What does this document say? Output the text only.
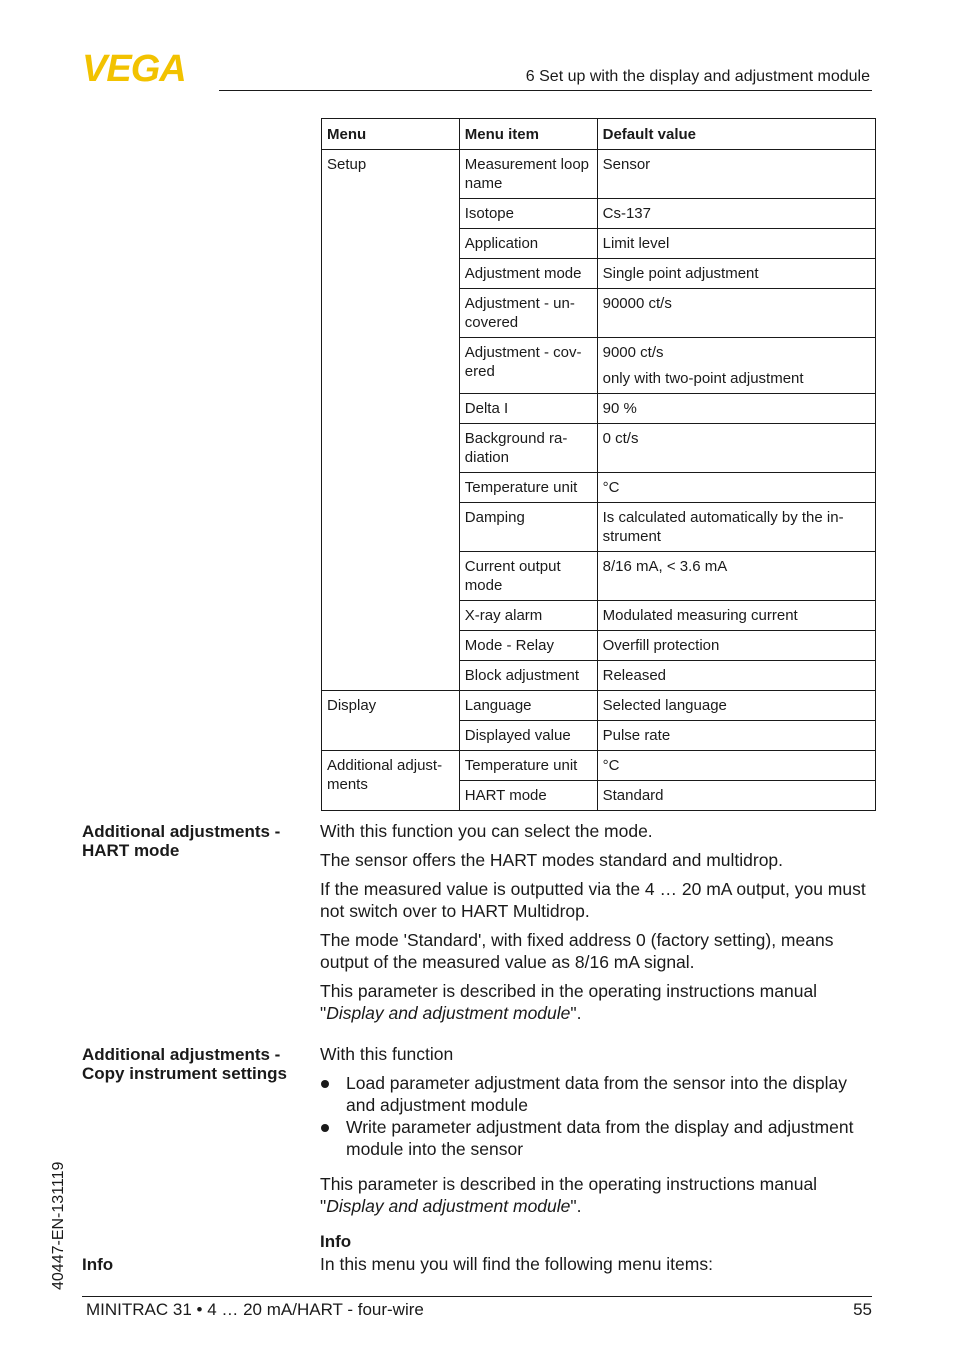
VEGA	6 Set up with the display and adjustment module
Menu	Menu item	Default value
Setup	Measurement loop name	Sensor
	Isotope	Cs-137
	Application	Limit level
	Adjustment mode	Single point adjustment
	Adjustment - un-covered	90000 ct/s
	Adjustment - cov-ered	9000 ct/s
only with two-point adjustment

	Delta I	90 %
	Background ra-diation	0 ct/s
	Temperature unit	°C
	Damping	Is calculated automatically by the in-strument
	Current output mode	8/16 mA, < 3.6 mA
	X-ray alarm	Modulated measuring current
	Mode - Relay	Overfill protection
	Block adjustment	Released
Display	Language	Selected language
	Displayed value	Pulse rate
Additional adjust-ments	Temperature unit	°C
	HART mode	Standard
Additional adjustments -
HART mode

With this function you can select the mode.

The sensor offers the HART modes standard and multidrop.

If the measured value is outputted via the 4 … 20 mA output, you must not switch over to HART Multidrop.

The mode 'Standard', with fixed address 0 (factory setting), means output of the measured value as 8/16 mA signal.

This parameter is described in the operating instructions manual "Display and adjustment module".

Additional adjustments -
Copy instrument settings

With this function

Load parameter adjustment data from the sensor into the display and adjustment module
Write parameter adjustment data from the display and adjustment module into the sensor

This parameter is described in the operating instructions manual "Display and adjustment module".

Info
Info
In this menu you will find the following menu items:
40447-EN-131119
MINITRAC 31 • 4 … 20 mA/HART - four-wire	55
